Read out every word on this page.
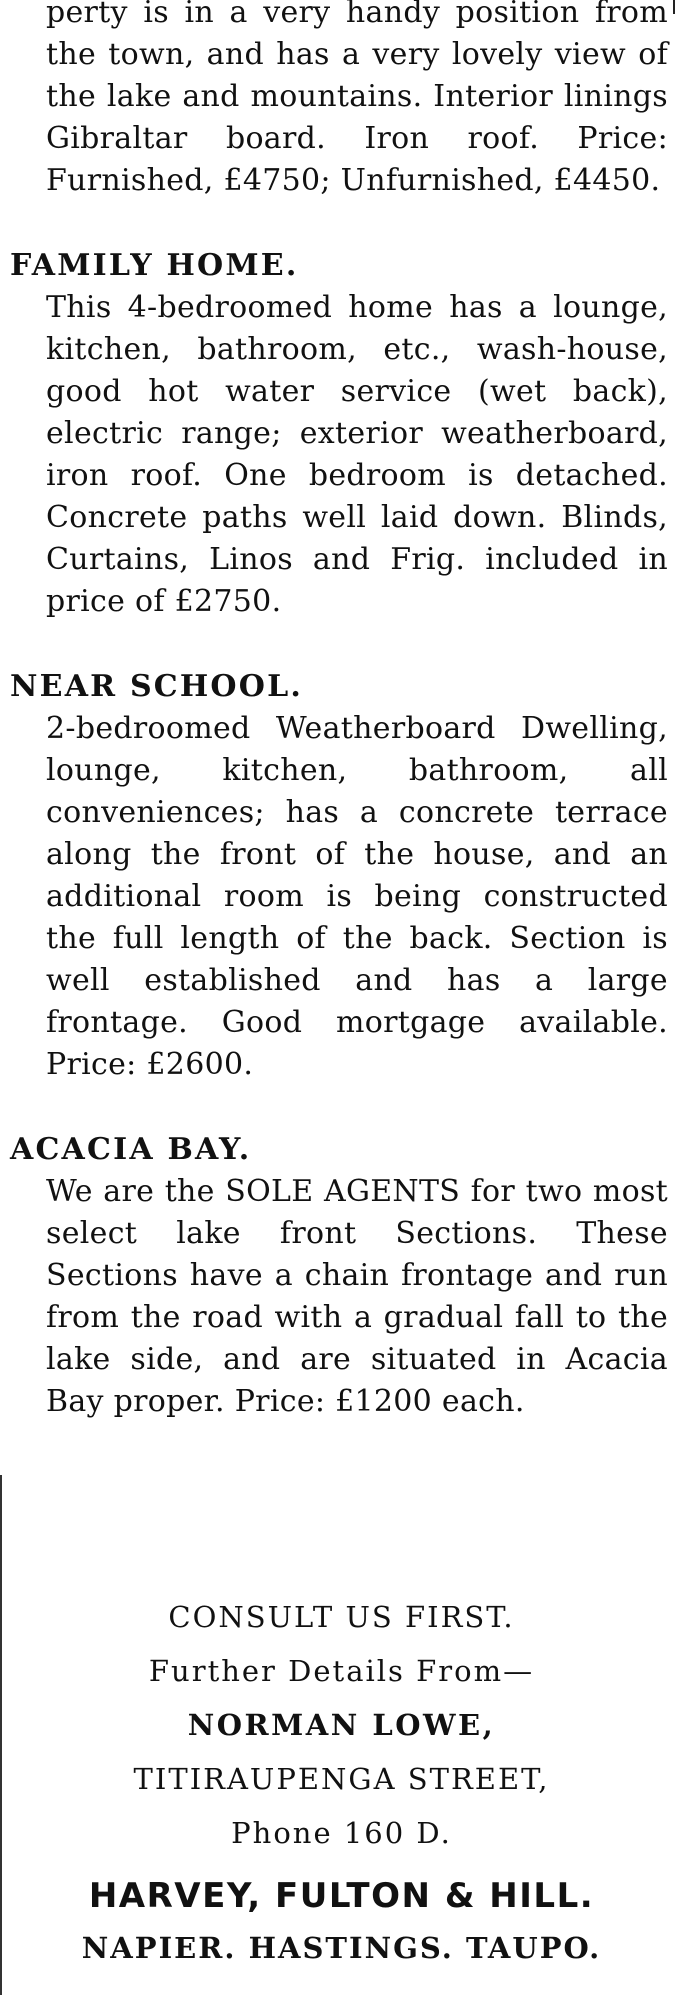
perty is in a very handy position from the town, and has a very lovely view of the lake and mountains. Interior linings Gibraltar board. Iron roof. Price: Furnished, £4750; Unfurnished, £4450.

FAMILY HOME.

This 4-bedroomed home has a lounge, kitchen, bathroom, etc., wash-house, good hot water service (wet back), electric range; exterior weatherboard, iron roof. One bedroom is detached. Concrete paths well laid down. Blinds, Curtains, Linos and Frig. included in price of £2750.

NEAR SCHOOL.

2-bedroomed Weatherboard Dwelling, lounge, kitchen, bathroom, all conveniences; has a concrete terrace along the front of the house, and an additional room is being constructed the full length of the back. Section is well established and has a large frontage. Good mortgage available. Price: £2600.

ACACIA BAY.

We are the SOLE AGENTS for two most select lake front Sections. These Sections have a chain frontage and run from the road with a gradual fall to the lake side, and are situated in Acacia Bay proper. Price: £1200 each.

CONSULT US FIRST.

Further Details From—

NORMAN LOWE,

TITIRAUPENGA STREET,

Phone 160 D.

HARVEY, FULTON & HILL.

NAPIER. HASTINGS. TAUPO.
